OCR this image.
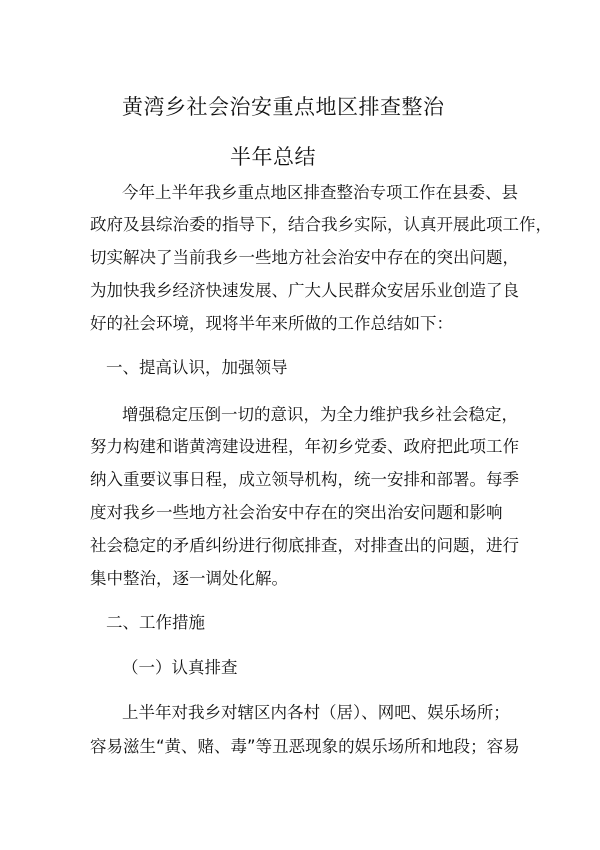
黄湾乡社会治安重点地区排查整治
半年总结
今年上半年我乡重点地区排查整治专项工作在县委、县
政府及县综治委的指导下，结合我乡实际，认真开展此项工作，
切实解决了当前我乡一些地方社会治安中存在的突出问题，
为加快我乡经济快速发展、广大人民群众安居乐业创造了良
好的社会环境，现将半年来所做的工作总结如下：
一、提高认识，加强领导
增强稳定压倒一切的意识，为全力维护我乡社会稳定，
努力构建和谐黄湾建设进程，年初乡党委、政府把此项工作
纳入重要议事日程，成立领导机构，统一安排和部署。每季
度对我乡一些地方社会治安中存在的突出治安问题和影响
社会稳定的矛盾纠纷进行彻底排查，对排查出的问题，进行
集中整治，逐一调处化解。
二、工作措施
（一）认真排查
上半年对我乡对辖区内各村（居）、网吧、娱乐场所；
容易滋生“黄、赌、毒”等丑恶现象的娱乐场所和地段；容易
